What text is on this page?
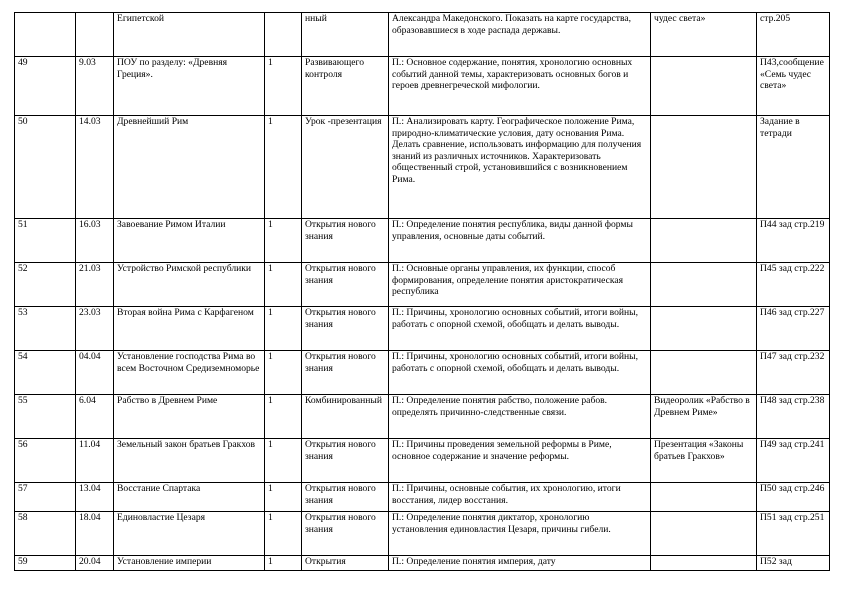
		Египетской		нный	Александра Македонского. Показать на карте государства, образовавшиеся в ходе распада державы.	чудес света»	стр.205
49	9.03	ПОУ по разделу: «Древняя Греция».	1	Развивающего контроля	П.: Основное содержание, понятия, хронологию основных событий данной темы, характеризовать основных богов и героев древнегреческой мифологии.		П43,сообщение «Семь чудес света»
50	14.03	Древнейший Рим	1	Урок -презентация	П.: Анализировать карту. Географическое положение Рима, природно-климатические условия, дату основания Рима. Делать сравнение, использовать информацию для получения знаний из различных источников. Характеризовать общественный строй, установившийся с возникновением Рима.		Задание в тетради
51	16.03	Завоевание Римом Италии	1	Открытия нового знания	П.: Определение понятия республика, виды данной формы управления, основные даты событий.		П44 зад стр.219
52	21.03	Устройство Римской республики	1	Открытия нового знания	П.: Основные органы управления, их функции, способ формирования, определение понятия аристократическая республика		П45 зад стр.222
53	23.03	Вторая война Рима с Карфагеном	1	Открытия нового знания	П.: Причины, хронологию основных событий, итоги войны, работать с опорной схемой, обобщать и делать выводы.		П46 зад стр.227
54	04.04	Установление господства Рима во всем Восточном Средиземноморье	1	Открытия нового знания	П.: Причины, хронологию основных событий, итоги войны, работать с опорной схемой, обобщать и делать выводы.		П47 зад стр.232
55	6.04	Рабство в Древнем Риме	1	Комбинированный	П.: Определение понятия рабство, положение рабов. определять причинно-следственные связи.	Видеоролик «Рабство в Древнем Риме»	П48 зад стр.238
56	11.04	Земельный закон братьев Гракхов	1	Открытия нового знания	П.: Причины проведения земельной реформы в Риме, основное содержание и значение реформы.	Презентация «Законы братьев Гракхов»	П49 зад стр.241
57	13.04	Восстание Спартака	1	Открытия нового знания	П.: Причины, основные события, их хронологию, итоги восстания, лидер восстания.		П50 зад стр.246
58	18.04	Единовластие Цезаря	1	Открытия нового знания	П.: Определение понятия диктатор, хронологию установления единовластия Цезаря, причины гибели.		П51 зад стр.251
59	20.04	Установление империи	1	Открытия	П.: Определение понятия империя, дату		П52 зад
